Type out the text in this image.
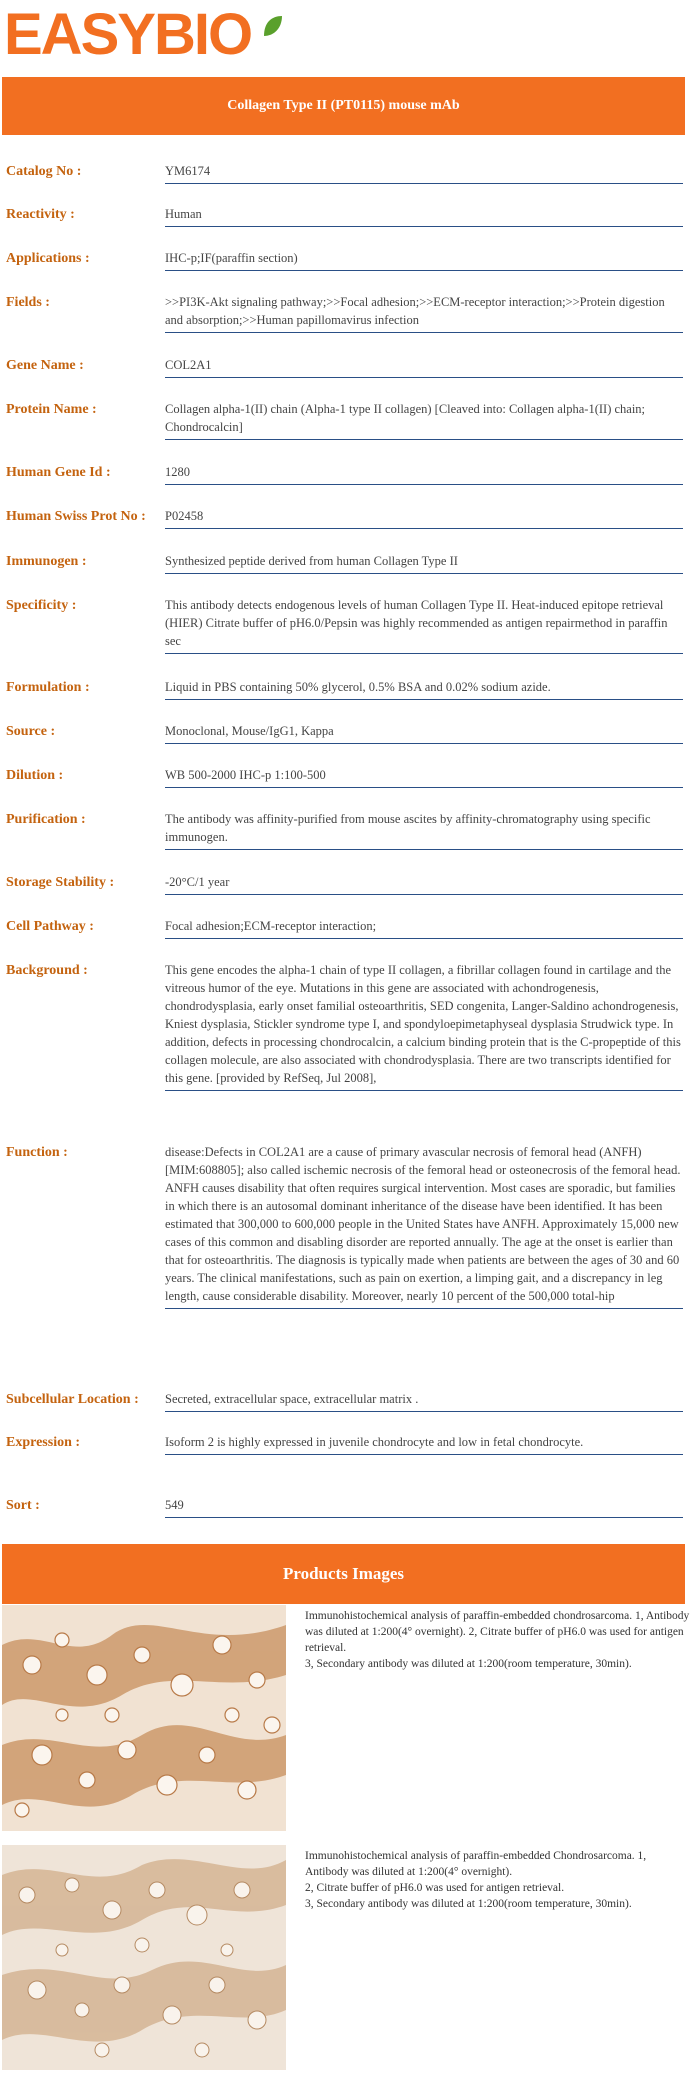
EASYBIO
Collagen Type II (PT0115) mouse mAb
Catalog No :	YM6174
Reactivity :	Human
Applications :	IHC-p;IF(paraffin section)
Fields :	>>PI3K-Akt signaling pathway;>>Focal adhesion;>>ECM-receptor interaction;>>Protein digestion and absorption;>>Human papillomavirus infection
Gene Name :	COL2A1
Protein Name :	Collagen alpha-1(II) chain (Alpha-1 type II collagen) [Cleaved into: Collagen alpha-1(II) chain; Chondrocalcin]
Human Gene Id :	1280
Human Swiss Prot No :	P02458
Immunogen :	Synthesized peptide derived from human Collagen Type II
Specificity :	This antibody detects endogenous levels of human Collagen Type II. Heat-induced epitope retrieval (HIER) Citrate buffer of pH6.0/Pepsin was highly recommended as antigen repairmethod in paraffin sec
Formulation :	Liquid in PBS containing 50% glycerol, 0.5% BSA and 0.02% sodium azide.
Source :	Monoclonal, Mouse/IgG1, Kappa
Dilution :	WB 500-2000 IHC-p 1:100-500
Purification :	The antibody was affinity-purified from mouse ascites by affinity-chromatography using specific immunogen.
Storage Stability :	-20°C/1 year
Cell Pathway :	Focal adhesion;ECM-receptor interaction;
Background :	This gene encodes the alpha-1 chain of type II collagen, a fibrillar collagen found in cartilage and the vitreous humor of the eye. Mutations in this gene are associated with achondrogenesis, chondrodysplasia, early onset familial osteoarthritis, SED congenita, Langer-Saldino achondrogenesis, Kniest dysplasia, Stickler syndrome type I, and spondyloepimetaphyseal dysplasia Strudwick type. In addition, defects in processing chondrocalcin, a calcium binding protein that is the C-propeptide of this collagen molecule, are also associated with chondrodysplasia. There are two transcripts identified for this gene. [provided by RefSeq, Jul 2008],
Function :	disease:Defects in COL2A1 are a cause of primary avascular necrosis of femoral head (ANFH) [MIM:608805]; also called ischemic necrosis of the femoral head or osteonecrosis of the femoral head. ANFH causes disability that often requires surgical intervention. Most cases are sporadic, but families in which there is an autosomal dominant inheritance of the disease have been identified. It has been estimated that 300,000 to 600,000 people in the United States have ANFH. Approximately 15,000 new cases of this common and disabling disorder are reported annually. The age at the onset is earlier than that for osteoarthritis. The diagnosis is typically made when patients are between the ages of 30 and 60 years. The clinical manifestations, such as pain on exertion, a limping gait, and a discrepancy in leg length, cause considerable disability. Moreover, nearly 10 percent of the 500,000 total-hip
Subcellular Location :	Secreted, extracellular space, extracellular matrix .
Expression :	Isoform 2 is highly expressed in juvenile chondrocyte and low in fetal chondrocyte.
Sort :	549
Products Images
Immunohistochemical analysis of paraffin-embedded chondrosarcoma. 1, Antibody was diluted at 1:200(4° overnight). 2, Citrate buffer of pH6.0 was used for antigen retrieval.
3, Secondary antibody was diluted at 1:200(room temperature, 30min).
Immunohistochemical analysis of paraffin-embedded Chondrosarcoma. 1, Antibody was diluted at 1:200(4° overnight).
2, Citrate buffer of pH6.0 was used for antigen retrieval.
3, Secondary antibody was diluted at 1:200(room temperature, 30min).
